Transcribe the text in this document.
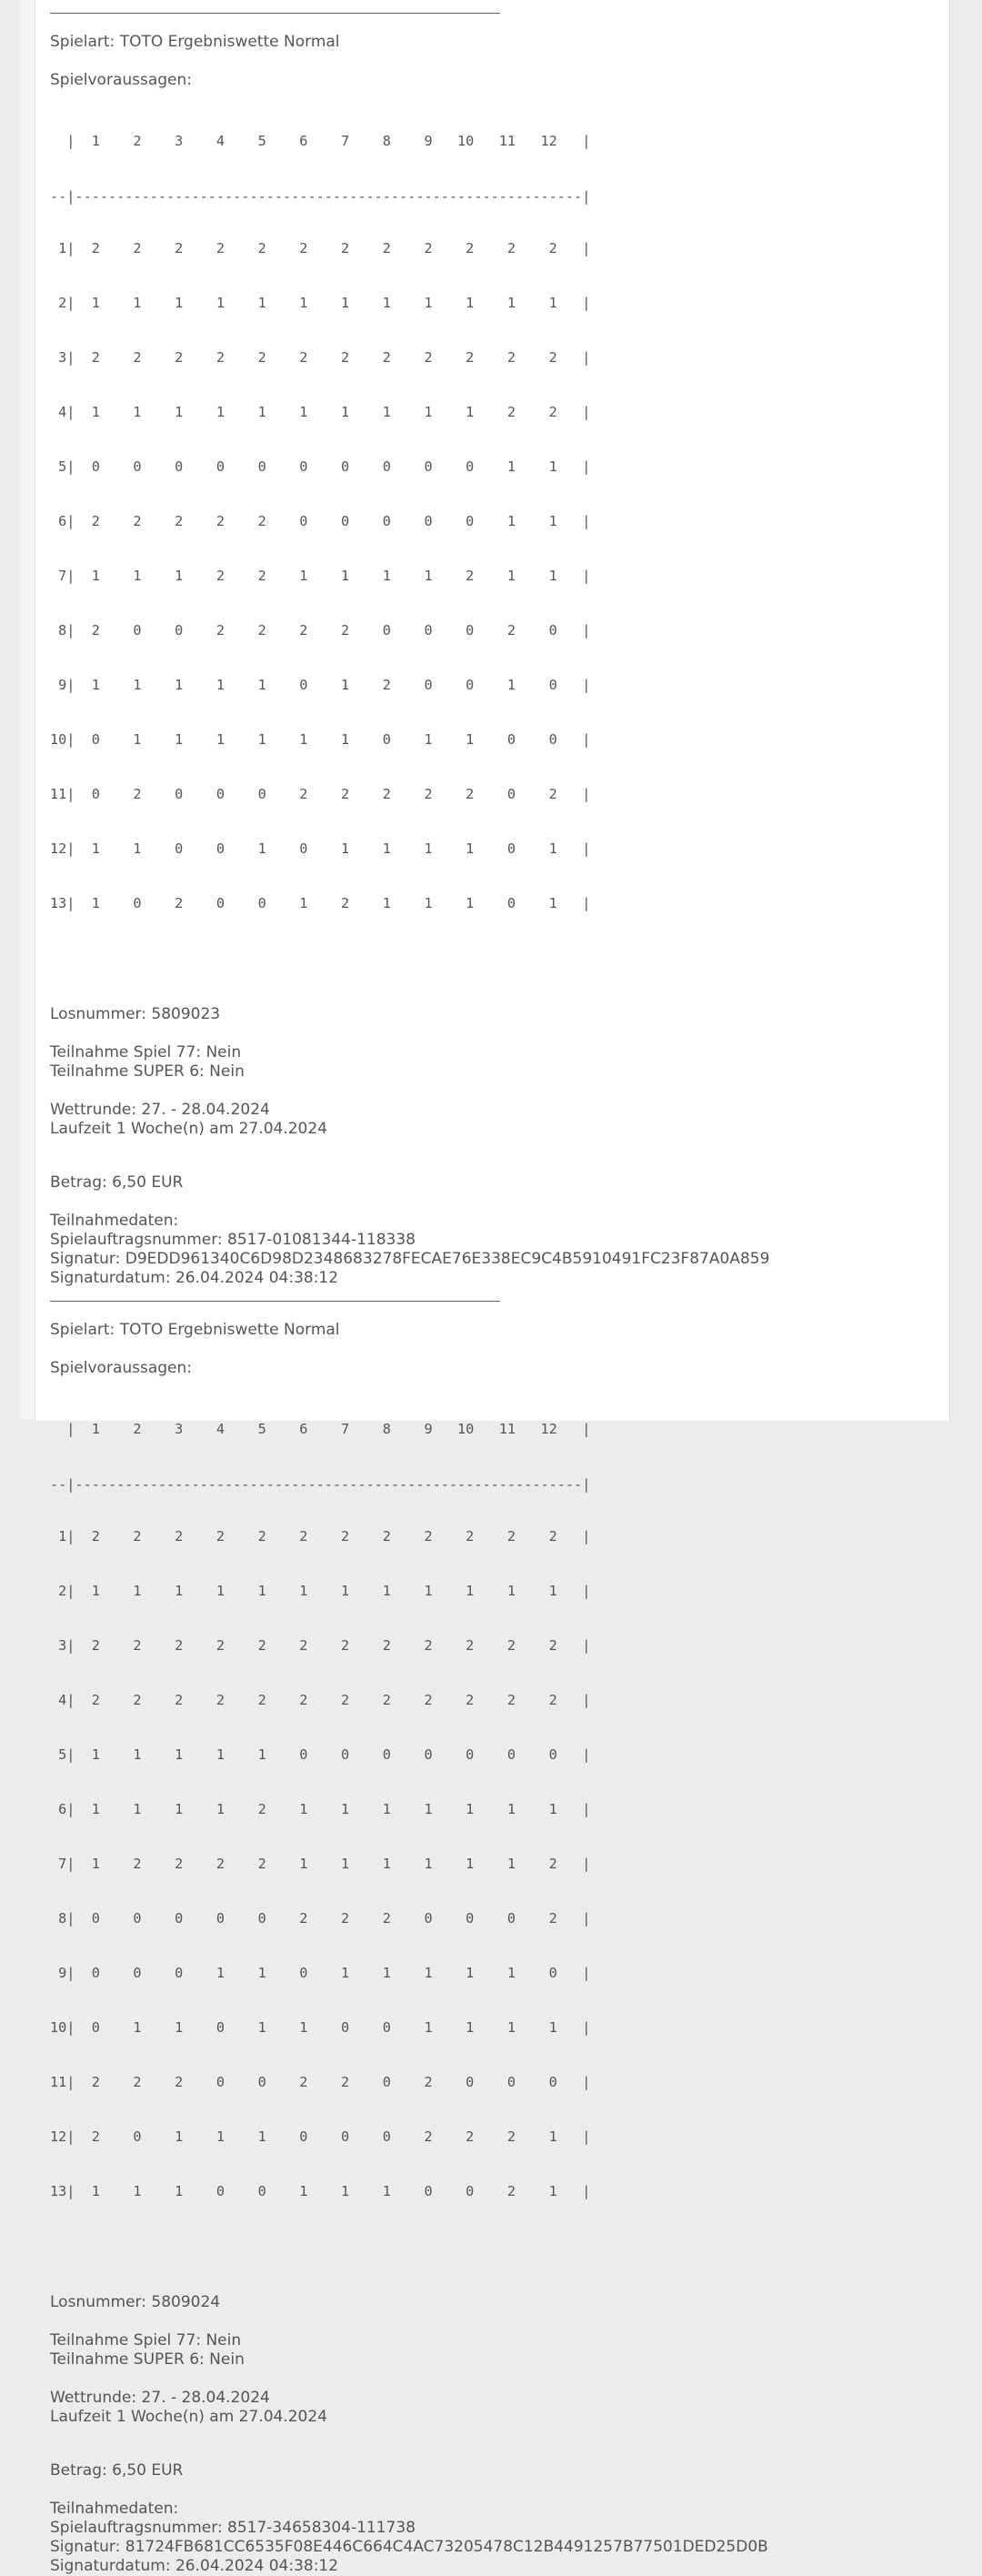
Spielart: TOTO Ergebniswette Normal
Spielvoraussagen:

|  1    2    3    4    5    6    7    8    9   10   11   12   |

--|-------------------------------------------------------------|

1|  2    2    2    2    2    2    2    2    2    2    2    2   |

2|  1    1    1    1    1    1    1    1    1    1    1    1   |

3|  2    2    2    2    2    2    2    2    2    2    2    2   |

4|  1    1    1    1    1    1    1    1    1    1    2    2   |

5|  0    0    0    0    0    0    0    0    0    0    1    1   |

6|  2    2    2    2    2    0    0    0    0    0    1    1   |

7|  1    1    1    2    2    1    1    1    1    2    1    1   |

8|  2    0    0    2    2    2    2    0    0    0    2    0   |

9|  1    1    1    1    1    0    1    2    0    0    1    0   |

10|  0    1    1    1    1    1    1    0    1    1    0    0   |

11|  0    2    0    0    0    2    2    2    2    2    0    2   |

12|  1    1    0    0    1    0    1    1    1    1    0    1   |

13|  1    0    2    0    0    1    2    1    1    1    0    1   |

Losnummer: 5809023
Teilnahme Spiel 77: Nein
Teilnahme SUPER 6: Nein
Wettrunde: 27. - 28.04.2024
Laufzeit 1 Woche(n) am 27.04.2024
Betrag: 6,50 EUR
Teilnahmedaten:
Spielauftragsnummer: 8517-01081344-118338
Signatur: D9EDD961340C6D98D2348683278FECAE76E338EC9C4B5910491FC23F87A0A859
Signaturdatum: 26.04.2024 04:38:12
Spielart: TOTO Ergebniswette Normal
Spielvoraussagen:

|  1    2    3    4    5    6    7    8    9   10   11   12   |

--|-------------------------------------------------------------|

1|  2    2    2    2    2    2    2    2    2    2    2    2   |

2|  1    1    1    1    1    1    1    1    1    1    1    1   |

3|  2    2    2    2    2    2    2    2    2    2    2    2   |

4|  2    2    2    2    2    2    2    2    2    2    2    2   |

5|  1    1    1    1    1    0    0    0    0    0    0    0   |

6|  1    1    1    1    2    1    1    1    1    1    1    1   |

7|  1    2    2    2    2    1    1    1    1    1    1    2   |

8|  0    0    0    0    0    2    2    2    0    0    0    2   |

9|  0    0    0    1    1    0    1    1    1    1    1    0   |

10|  0    1    1    0    1    1    0    0    1    1    1    1   |

11|  2    2    2    0    0    2    2    0    2    0    0    0   |

12|  2    0    1    1    1    0    0    0    2    2    2    1   |

13|  1    1    1    0    0    1    1    1    0    0    2    1   |

Losnummer: 5809024
Teilnahme Spiel 77: Nein
Teilnahme SUPER 6: Nein
Wettrunde: 27. - 28.04.2024
Laufzeit 1 Woche(n) am 27.04.2024
Betrag: 6,50 EUR
Teilnahmedaten:
Spielauftragsnummer: 8517-34658304-111738
Signatur: 81724FB681CC6535F08E446C664C4AC73205478C12B4491257B77501DED25D0B
Signaturdatum: 26.04.2024 04:38:12
